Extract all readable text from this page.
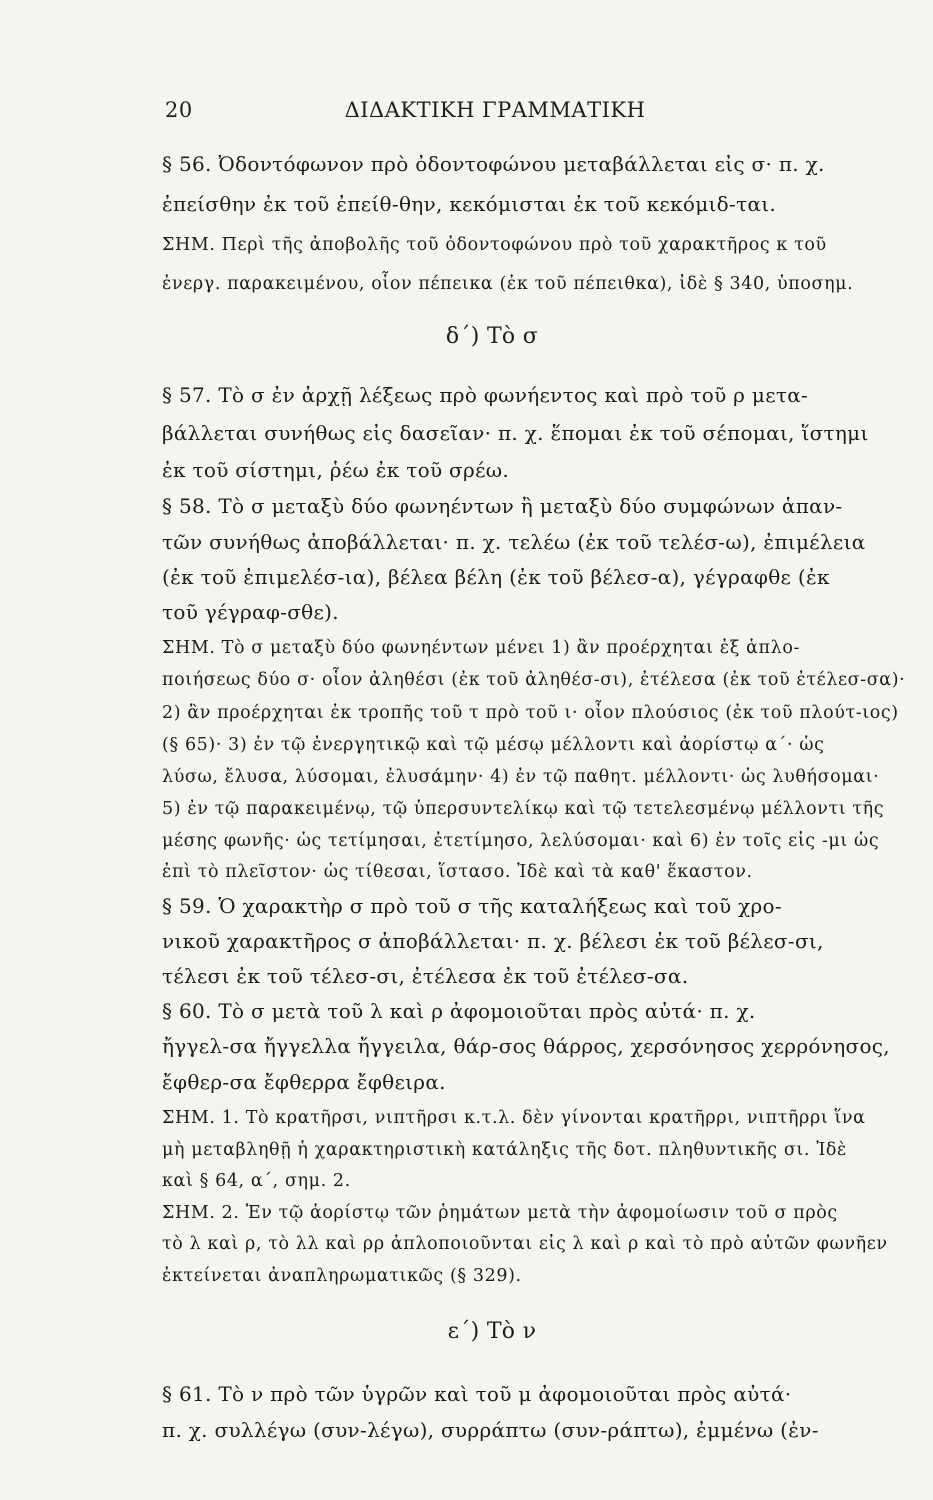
20	ΔΙΔΑΚΤΙΚΗ ΓΡΑΜΜΑΤΙΚΗ
§ 56. Ὀδοντόφωνον πρὸ ὀδοντοφώνου μεταβάλλεται εἰς σ· π. χ.
ἐπείσθην ἐκ τοῦ ἐπείθ-θην, κεκόμισται ἐκ τοῦ κεκόμιδ-ται.
ΣΗΜ. Περὶ τῆς ἀποβολῆς τοῦ ὀδοντοφώνου πρὸ τοῦ χαρακτῆρος κ τοῦ
ἐνεργ. παρακειμένου, οἷον πέπεικα (ἐκ τοῦ πέπειθκα), ἰδὲ § 340, ὑποσημ.
δ΄) Τὸ σ
§ 57. Τὸ σ ἐν ἀρχῇ λέξεως πρὸ φωνήεντος καὶ πρὸ τοῦ ρ μετα-
βάλλεται συνήθως εἰς δασεῖαν· π. χ. ἕπομαι ἐκ τοῦ σέπομαι, ἵστημι
ἐκ τοῦ σίστημι, ῥέω ἐκ τοῦ σρέω.
§ 58. Τὸ σ μεταξὺ δύο φωνηέντων ἢ μεταξὺ δύο συμφώνων ἁπαν-
τῶν συνήθως ἀποβάλλεται· π. χ. τελέω (ἐκ τοῦ τελέσ-ω), ἐπιμέλεια
(ἐκ τοῦ ἐπιμελέσ-ια), βέλεα βέλη (ἐκ τοῦ βέλεσ-α), γέγραφθε (ἐκ
τοῦ γέγραφ-σθε).
ΣΗΜ. Τὸ σ μεταξὺ δύο φωνηέντων μένει 1) ἂν προέρχηται ἐξ ἁπλο-
ποιήσεως δύο σ· οἷον ἀληθέσι (ἐκ τοῦ ἀληθέσ-σι), ἐτέλεσα (ἐκ τοῦ ἐτέλεσ-σα)·
2) ἂν προέρχηται ἐκ τροπῆς τοῦ τ πρὸ τοῦ ι· οἷον πλούσιος (ἐκ τοῦ πλούτ-ιος)
(§ 65)· 3) ἐν τῷ ἐνεργητικῷ καὶ τῷ μέσῳ μέλλοντι καὶ ἀορίστῳ α΄· ὡς
λύσω, ἔλυσα, λύσομαι, ἐλυσάμην· 4) ἐν τῷ παθητ. μέλλοντι· ὡς λυθήσομαι·
5) ἐν τῷ παρακειμένῳ, τῷ ὑπερσυντελίκῳ καὶ τῷ τετελεσμένῳ μέλλοντι τῆς
μέσης φωνῆς· ὡς τετίμησαι, ἐτετίμησο, λελύσομαι· καὶ 6) ἐν τοῖς εἰς -μι ὡς
ἐπὶ τὸ πλεῖστον· ὡς τίθεσαι, ἵστασο. Ἰδὲ καὶ τὰ καθ' ἕκαστον.
§ 59. Ὁ χαρακτὴρ σ πρὸ τοῦ σ τῆς καταλήξεως καὶ τοῦ χρο-
νικοῦ χαρακτῆρος σ ἀποβάλλεται· π. χ. βέλεσι ἐκ τοῦ βέλεσ-σι,
τέλεσι ἐκ τοῦ τέλεσ-σι, ἐτέλεσα ἐκ τοῦ ἐτέλεσ-σα.
§ 60. Τὸ σ μετὰ τοῦ λ καὶ ρ ἀφομοιοῦται πρὸς αὐτά· π. χ.
ἤγγελ-σα ἤγγελλα ἤγγειλα, θάρ-σος θάρρος, χερσόνησος χερρόνησος,
ἔφθερ-σα ἔφθερρα ἔφθειρα.
ΣΗΜ. 1. Τὸ κρατῆρσι, νιπτῆρσι κ.τ.λ. δὲν γίνονται κρατῆρρι, νιπτῆρρι ἵνα
μὴ μεταβληθῇ ἡ χαρακτηριστικὴ κατάληξις τῆς δοτ. πληθυντικῆς σι. Ἰδὲ
καὶ § 64, α΄, σημ. 2.
ΣΗΜ. 2. Ἐν τῷ ἀορίστῳ τῶν ῥημάτων μετὰ τὴν ἀφομοίωσιν τοῦ σ πρὸς
τὸ λ καὶ ρ, τὸ λλ καὶ ρρ ἁπλοποιοῦνται εἰς λ καὶ ρ καὶ τὸ πρὸ αὐτῶν φωνῆεν
ἐκτείνεται ἀναπληρωματικῶς (§ 329).
ε΄) Τὸ ν
§ 61. Τὸ ν πρὸ τῶν ὑγρῶν καὶ τοῦ μ ἀφομοιοῦται πρὸς αὐτά·
π. χ. συλλέγω (συν-λέγω), συρράπτω (συν-ράπτω), ἐμμένω (ἐν-
